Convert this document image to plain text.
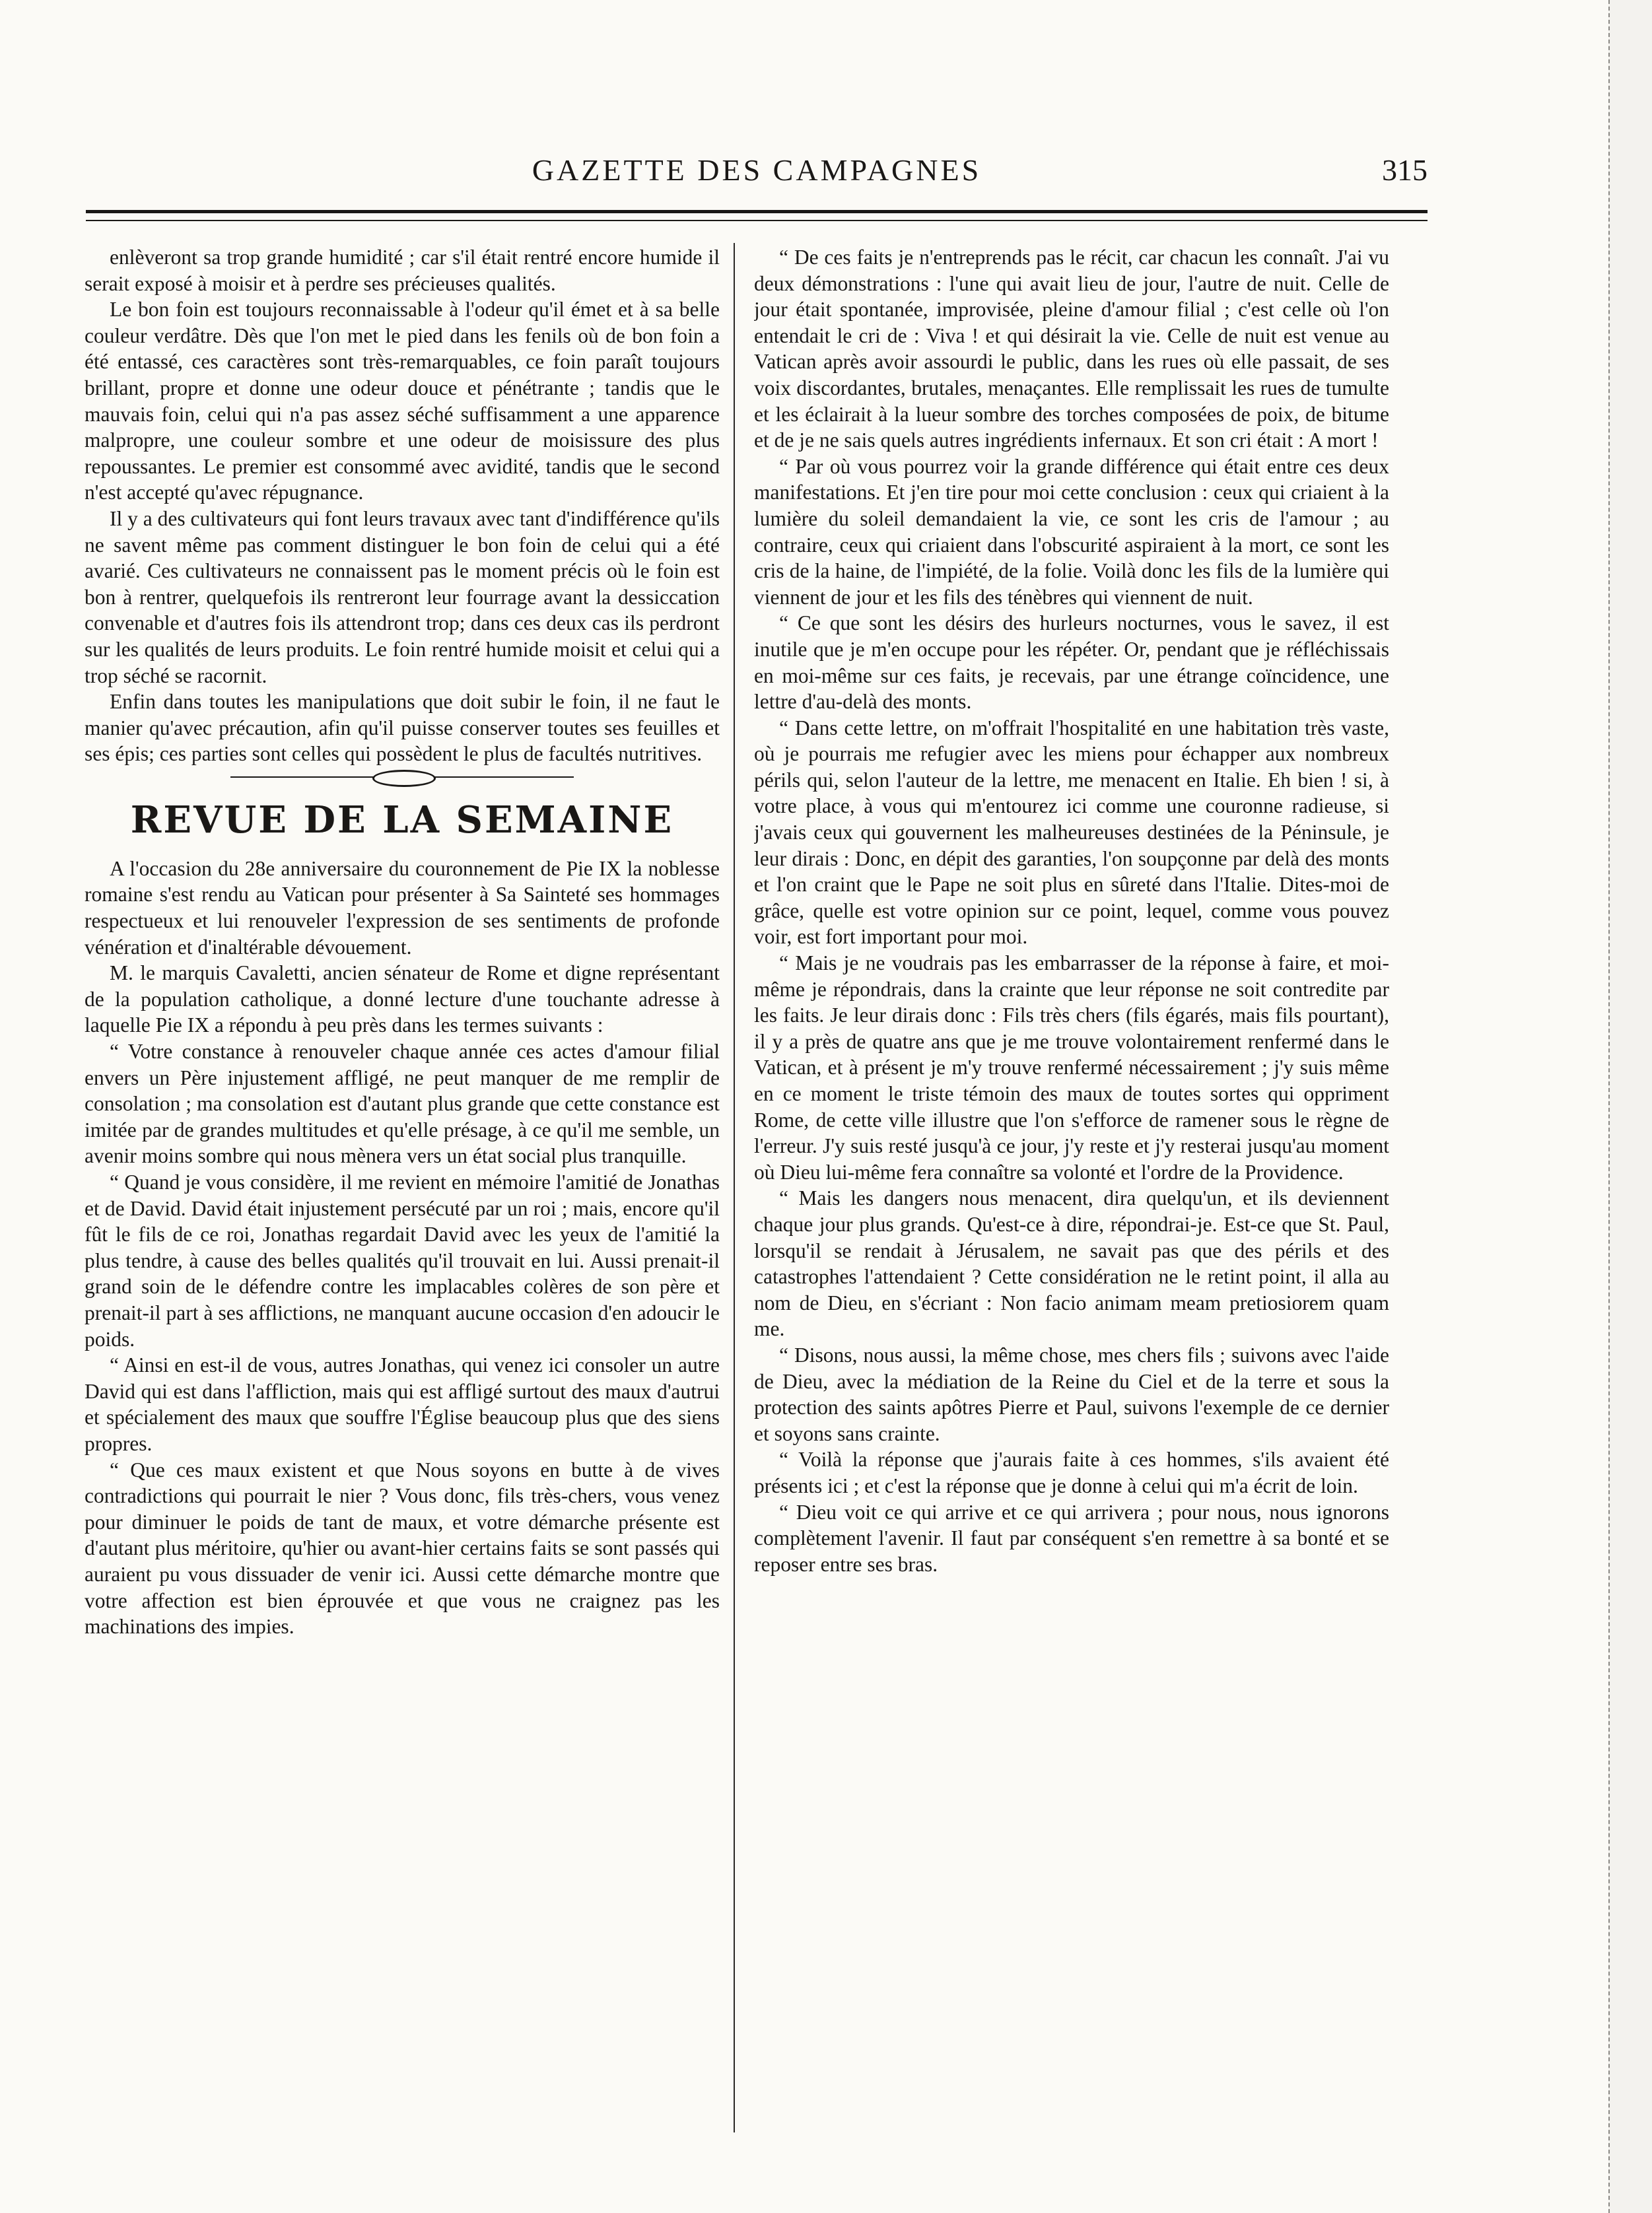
GAZETTE DES CAMPAGNES	315

enlèveront sa trop grande humidité ; car s'il était rentré encore humide il serait exposé à moisir et à perdre ses précieuses qualités.

Le bon foin est toujours reconnaissable à l'odeur qu'il émet et à sa belle couleur verdâtre. Dès que l'on met le pied dans les fenils où de bon foin a été entassé, ces caractères sont très-remarquables, ce foin paraît toujours brillant, propre et donne une odeur douce et pénétrante ; tandis que le mauvais foin, celui qui n'a pas assez séché suffisamment a une apparence malpropre, une couleur sombre et une odeur de moisissure des plus repoussantes. Le premier est consommé avec avidité, tandis que le second n'est accepté qu'avec répugnance.

Il y a des cultivateurs qui font leurs travaux avec tant d'indifférence qu'ils ne savent même pas comment distinguer le bon foin de celui qui a été avarié. Ces cultivateurs ne connaissent pas le moment précis où le foin est bon à rentrer, quelquefois ils rentreront leur fourrage avant la dessiccation convenable et d'autres fois ils attendront trop; dans ces deux cas ils perdront sur les qualités de leurs produits. Le foin rentré humide moisit et celui qui a trop séché se racornit.

Enfin dans toutes les manipulations que doit subir le foin, il ne faut le manier qu'avec précaution, afin qu'il puisse conserver toutes ses feuilles et ses épis; ces parties sont celles qui possèdent le plus de facultés nutritives.

REVUE DE LA SEMAINE

A l'occasion du 28e anniversaire du couronnement de Pie IX la noblesse romaine s'est rendu au Vatican pour présenter à Sa Sainteté ses hommages respectueux et lui renouveler l'expression de ses sentiments de profonde vénération et d'inaltérable dévouement.

M. le marquis Cavaletti, ancien sénateur de Rome et digne représentant de la population catholique, a donné lecture d'une touchante adresse à laquelle Pie IX a répondu à peu près dans les termes suivants :

“ Votre constance à renouveler chaque année ces actes d'amour filial envers un Père injustement affligé, ne peut manquer de me remplir de consolation ; ma consolation est d'autant plus grande que cette constance est imitée par de grandes multitudes et qu'elle présage, à ce qu'il me semble, un avenir moins sombre qui nous mènera vers un état social plus tranquille.

“ Quand je vous considère, il me revient en mémoire l'amitié de Jonathas et de David. David était injustement persécuté par un roi ; mais, encore qu'il fût le fils de ce roi, Jonathas regardait David avec les yeux de l'amitié la plus tendre, à cause des belles qualités qu'il trouvait en lui. Aussi prenait-il grand soin de le défendre contre les implacables colères de son père et prenait-il part à ses afflictions, ne manquant aucune occasion d'en adoucir le poids.

“ Ainsi en est-il de vous, autres Jonathas, qui venez ici consoler un autre David qui est dans l'affliction, mais qui est affligé surtout des maux d'autrui et spécialement des maux que souffre l'Église beaucoup plus que des siens propres.

“ Que ces maux existent et que Nous soyons en butte à de vives contradictions qui pourrait le nier ? Vous donc, fils très-chers, vous venez pour diminuer le poids de tant de maux, et votre démarche présente est d'autant plus méritoire, qu'hier ou avant-hier certains faits se sont passés qui auraient pu vous dissuader de venir ici. Aussi cette démarche montre que votre affection est bien éprouvée et que vous ne craignez pas les machinations des impies.

“ De ces faits je n'entreprends pas le récit, car chacun les connaît. J'ai vu deux démonstrations : l'une qui avait lieu de jour, l'autre de nuit. Celle de jour était spontanée, improvisée, pleine d'amour filial ; c'est celle où l'on entendait le cri de : Viva ! et qui désirait la vie. Celle de nuit est venue au Vatican après avoir assourdi le public, dans les rues où elle passait, de ses voix discordantes, brutales, menaçantes. Elle remplissait les rues de tumulte et les éclairait à la lueur sombre des torches composées de poix, de bitume et de je ne sais quels autres ingrédients infernaux. Et son cri était : A mort !

“ Par où vous pourrez voir la grande différence qui était entre ces deux manifestations. Et j'en tire pour moi cette conclusion : ceux qui criaient à la lumière du soleil demandaient la vie, ce sont les cris de l'amour ; au contraire, ceux qui criaient dans l'obscurité aspiraient à la mort, ce sont les cris de la haine, de l'impiété, de la folie. Voilà donc les fils de la lumière qui viennent de jour et les fils des ténèbres qui viennent de nuit.

“ Ce que sont les désirs des hurleurs nocturnes, vous le savez, il est inutile que je m'en occupe pour les répéter. Or, pendant que je réfléchissais en moi-même sur ces faits, je recevais, par une étrange coïncidence, une lettre d'au-delà des monts.

“ Dans cette lettre, on m'offrait l'hospitalité en une habitation très vaste, où je pourrais me refugier avec les miens pour échapper aux nombreux périls qui, selon l'auteur de la lettre, me menacent en Italie. Eh bien ! si, à votre place, à vous qui m'entourez ici comme une couronne radieuse, si j'avais ceux qui gouvernent les malheureuses destinées de la Péninsule, je leur dirais : Donc, en dépit des garanties, l'on soupçonne par delà des monts et l'on craint que le Pape ne soit plus en sûreté dans l'Italie. Dites-moi de grâce, quelle est votre opinion sur ce point, lequel, comme vous pouvez voir, est fort important pour moi.

“ Mais je ne voudrais pas les embarrasser de la réponse à faire, et moi-même je répondrais, dans la crainte que leur réponse ne soit contredite par les faits. Je leur dirais donc : Fils très chers (fils égarés, mais fils pourtant), il y a près de quatre ans que je me trouve volontairement renfermé dans le Vatican, et à présent je m'y trouve renfermé nécessairement ; j'y suis même en ce moment le triste témoin des maux de toutes sortes qui oppriment Rome, de cette ville illustre que l'on s'efforce de ramener sous le règne de l'erreur. J'y suis resté jusqu'à ce jour, j'y reste et j'y resterai jusqu'au moment où Dieu lui-même fera connaître sa volonté et l'ordre de la Providence.

“ Mais les dangers nous menacent, dira quelqu'un, et ils deviennent chaque jour plus grands. Qu'est-ce à dire, répondrai-je. Est-ce que St. Paul, lorsqu'il se rendait à Jérusalem, ne savait pas que des périls et des catastrophes l'attendaient ? Cette considération ne le retint point, il alla au nom de Dieu, en s'écriant : Non facio animam meam pretiosiorem quam me.

“ Disons, nous aussi, la même chose, mes chers fils ; suivons avec l'aide de Dieu, avec la médiation de la Reine du Ciel et de la terre et sous la protection des saints apôtres Pierre et Paul, suivons l'exemple de ce dernier et soyons sans crainte.

“ Voilà la réponse que j'aurais faite à ces hommes, s'ils avaient été présents ici ; et c'est la réponse que je donne à celui qui m'a écrit de loin.

“ Dieu voit ce qui arrive et ce qui arrivera ; pour nous, nous ignorons complètement l'avenir. Il faut par conséquent s'en remettre à sa bonté et se reposer entre ses bras.
